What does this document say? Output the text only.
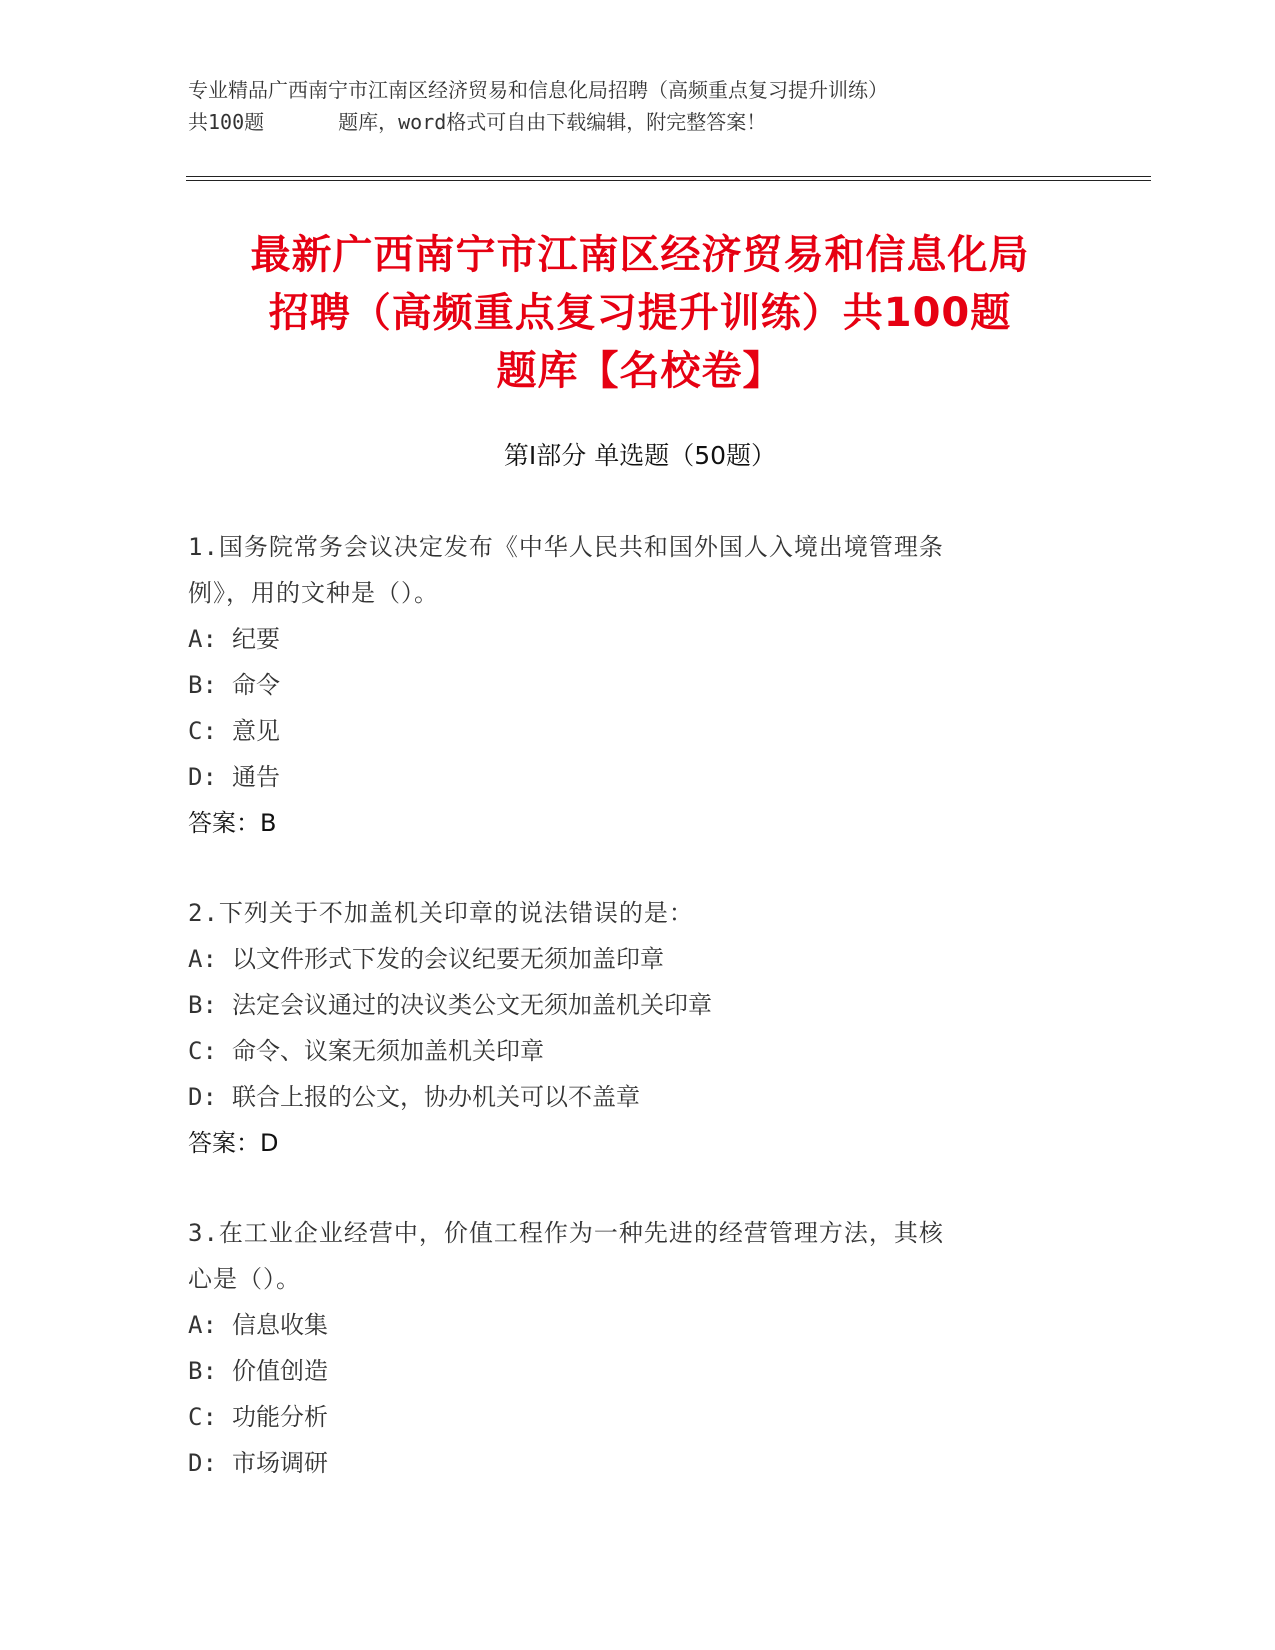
专业精品广西南宁市江南区经济贸易和信息化局招聘（高频重点复习提升训练）
共100题	题库，word格式可自由下载编辑，附完整答案！
最新广西南宁市江南区经济贸易和信息化局
招聘（高频重点复习提升训练）共100题
题库【名校卷】
第Ⅰ部分 单选题（50题）

1.国务院常务会议决定发布《中华人民共和国外国人入境出境管理条

例》，用的文种是（）。

A: 纪要

B: 命令

C: 意见

D: 通告

答案：B

2.下列关于不加盖机关印章的说法错误的是：

A: 以文件形式下发的会议纪要无须加盖印章

B: 法定会议通过的决议类公文无须加盖机关印章

C: 命令、议案无须加盖机关印章

D: 联合上报的公文，协办机关可以不盖章

答案：D

3.在工业企业经营中，价值工程作为一种先进的经营管理方法，其核

心是（）。

A: 信息收集

B: 价值创造

C: 功能分析

D: 市场调研
